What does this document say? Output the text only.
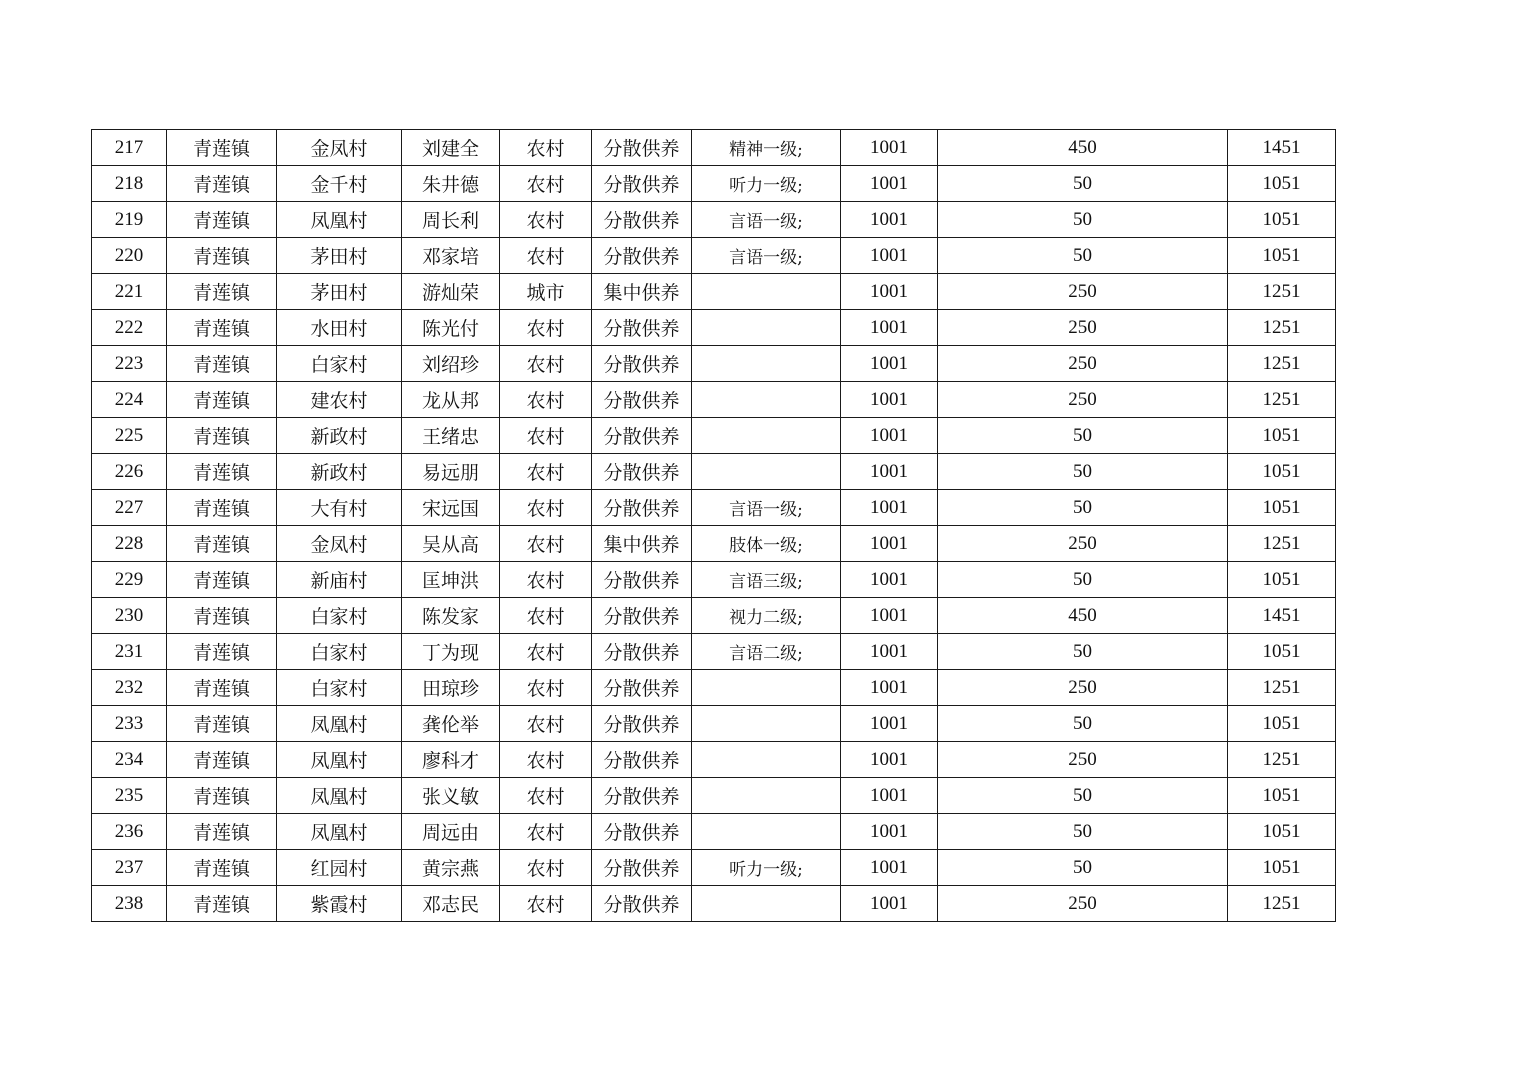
217	青莲镇	金凤村	刘建全	农村	分散供养	精神一级;	1001	450	1451
218	青莲镇	金千村	朱井德	农村	分散供养	听力一级;	1001	50	1051
219	青莲镇	凤凰村	周长利	农村	分散供养	言语一级;	1001	50	1051
220	青莲镇	茅田村	邓家培	农村	分散供养	言语一级;	1001	50	1051
221	青莲镇	茅田村	游灿荣	城市	集中供养		1001	250	1251
222	青莲镇	水田村	陈光付	农村	分散供养		1001	250	1251
223	青莲镇	白家村	刘绍珍	农村	分散供养		1001	250	1251
224	青莲镇	建农村	龙从邦	农村	分散供养		1001	250	1251
225	青莲镇	新政村	王绪忠	农村	分散供养		1001	50	1051
226	青莲镇	新政村	易远朋	农村	分散供养		1001	50	1051
227	青莲镇	大有村	宋远国	农村	分散供养	言语一级;	1001	50	1051
228	青莲镇	金凤村	吴从高	农村	集中供养	肢体一级;	1001	250	1251
229	青莲镇	新庙村	匡坤洪	农村	分散供养	言语三级;	1001	50	1051
230	青莲镇	白家村	陈发家	农村	分散供养	视力二级;	1001	450	1451
231	青莲镇	白家村	丁为现	农村	分散供养	言语二级;	1001	50	1051
232	青莲镇	白家村	田琼珍	农村	分散供养		1001	250	1251
233	青莲镇	凤凰村	龚伦举	农村	分散供养		1001	50	1051
234	青莲镇	凤凰村	廖科才	农村	分散供养		1001	250	1251
235	青莲镇	凤凰村	张义敏	农村	分散供养		1001	50	1051
236	青莲镇	凤凰村	周远由	农村	分散供养		1001	50	1051
237	青莲镇	红园村	黄宗燕	农村	分散供养	听力一级;	1001	50	1051
238	青莲镇	紫霞村	邓志民	农村	分散供养		1001	250	1251
